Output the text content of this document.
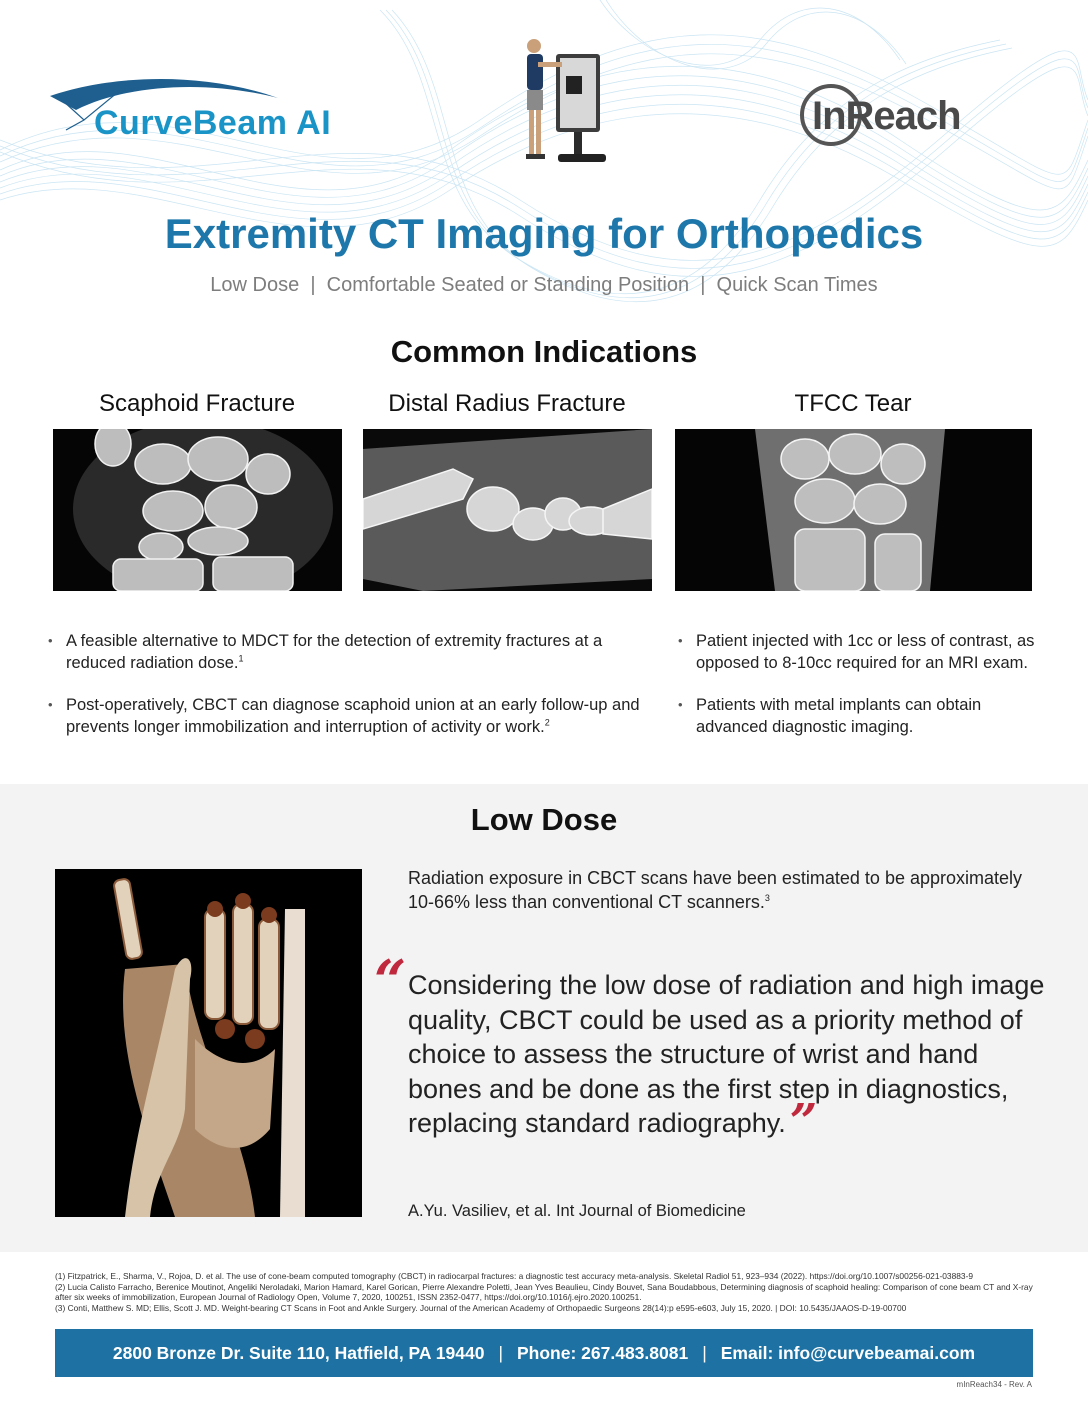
CurveBeam AI	InReach
Extremity CT Imaging for Orthopedics
Low Dose  |  Comfortable Seated or Standing Position  |  Quick Scan Times
Common Indications
Scaphoid Fracture	Distal Radius Fracture	TFCC Tear
• A feasible alternative to MDCT for the detection of extremity fractures at a reduced radiation dose.$^1$
• Post-operatively, CBCT can diagnose scaphoid union at an early follow-up and prevents longer immobilization and interruption of activity or work.$^2$
• Patient injected with 1cc or less of contrast, as opposed to 8-10cc required for an MRI exam.
• Patients with metal implants can obtain advanced diagnostic imaging.
Low Dose
Radiation exposure in CBCT scans have been estimated to be approximately 10-66% less than conventional CT scanners.$^3$
“ Considering the low dose of radiation and high image quality, CBCT could be used as a priority method of choice to assess the structure of wrist and hand bones and be done as the first step in diagnostics, replacing standard radiography.”
A.Yu. Vasiliev, et al. Int Journal of Biomedicine
(1) Fitzpatrick, E., Sharma, V., Rojoa, D. et al. The use of cone-beam computed tomography (CBCT) in radiocarpal fractures: a diagnostic test accuracy meta-analysis. Skeletal Radiol 51, 923–934 (2022). https://doi.org/10.1007/s00256-021-03883-9
(2) Lucia Calisto Farracho, Berenice Moutinot, Angeliki Neroladaki, Marion Hamard, Karel Gorican, Pierre Alexandre Poletti, Jean Yves Beaulieu, Cindy Bouvet, Sana Boudabbous, Determining diagnosis of scaphoid healing: Comparison of cone beam CT and X-ray after six weeks of immobilization, European Journal of Radiology Open, Volume 7, 2020, 100251, ISSN 2352-0477, https://doi.org/10.1016/j.ejro.2020.100251.
(3) Conti, Matthew S. MD; Ellis, Scott J. MD. Weight-bearing CT Scans in Foot and Ankle Surgery. Journal of the American Academy of Orthopaedic Surgeons 28(14):p e595-e603, July 15, 2020. | DOI: 10.5435/JAAOS-D-19-00700
2800 Bronze Dr. Suite 110, Hatfield, PA 19440 | Phone: 267.483.8081 | Email: info@curvebeamai.com
mInReach34 - Rev. A
